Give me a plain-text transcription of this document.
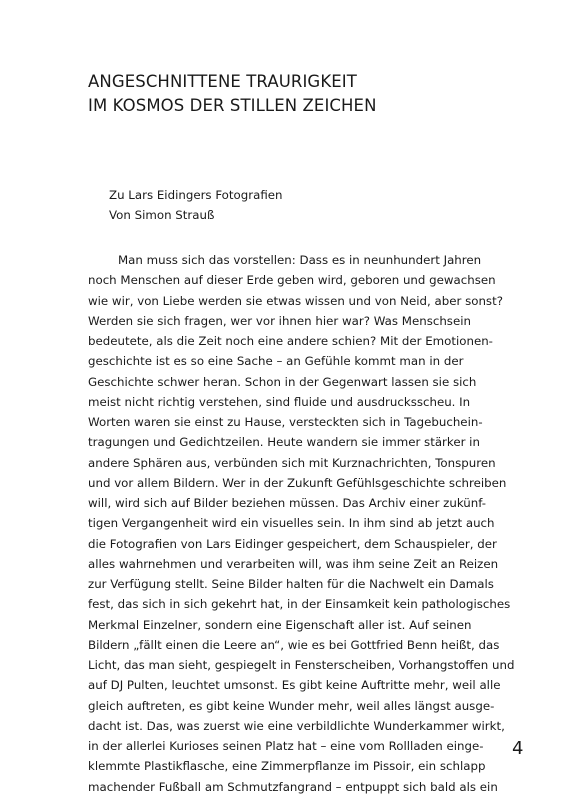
ANGESCHNITTENE TRAURIGKEIT
IM KOSMOS DER STILLEN ZEICHEN
Zu Lars Eidingers Fotografien
Von Simon Strauß
Man muss sich das vorstellen: Dass es in neunhundert Jahren
noch Menschen auf dieser Erde geben wird, geboren und gewachsen
wie wir, von Liebe werden sie etwas wissen und von Neid, aber sonst?
Werden sie sich fragen, wer vor ihnen hier war? Was Menschsein
bedeutete, als die Zeit noch eine andere schien? Mit der Emotionen-
geschichte ist es so eine Sache – an Gefühle kommt man in der
Geschichte schwer heran. Schon in der Gegenwart lassen sie sich
meist nicht richtig verstehen, sind fluide und ausdrucksscheu. In
Worten waren sie einst zu Hause, versteckten sich in Tagebuchein-
tragungen und Gedichtzeilen. Heute wandern sie immer stärker in
andere Sphären aus, verbünden sich mit Kurznachrichten, Tonspuren
und vor allem Bildern. Wer in der Zukunft Gefühlsgeschichte schreiben
will, wird sich auf Bilder beziehen müssen. Das Archiv einer zukünf-
tigen Vergangenheit wird ein visuelles sein. In ihm sind ab jetzt auch
die Fotografien von Lars Eidinger gespeichert, dem Schauspieler, der
alles wahrnehmen und verarbeiten will, was ihm seine Zeit an Reizen
zur Verfügung stellt. Seine Bilder halten für die Nachwelt ein Damals
fest, das sich in sich gekehrt hat, in der Einsamkeit kein pathologisches
Merkmal Einzelner, sondern eine Eigenschaft aller ist. Auf seinen
Bildern „fällt einen die Leere an“, wie es bei Gottfried Benn heißt, das
Licht, das man sieht, gespiegelt in Fensterscheiben, Vorhangstoffen und
auf DJ Pulten, leuchtet umsonst. Es gibt keine Auftritte mehr, weil alle
gleich auftreten, es gibt keine Wunder mehr, weil alles längst ausge-
dacht ist. Das, was zuerst wie eine verbildlichte Wunderkammer wirkt,
in der allerlei Kurioses seinen Platz hat – eine vom Rollladen einge-
klemmte Plastikflasche, eine Zimmerpflanze im Pissoir, ein schlapp
machender Fußball am Schmutzfangrand – entpuppt sich bald als ein
4
